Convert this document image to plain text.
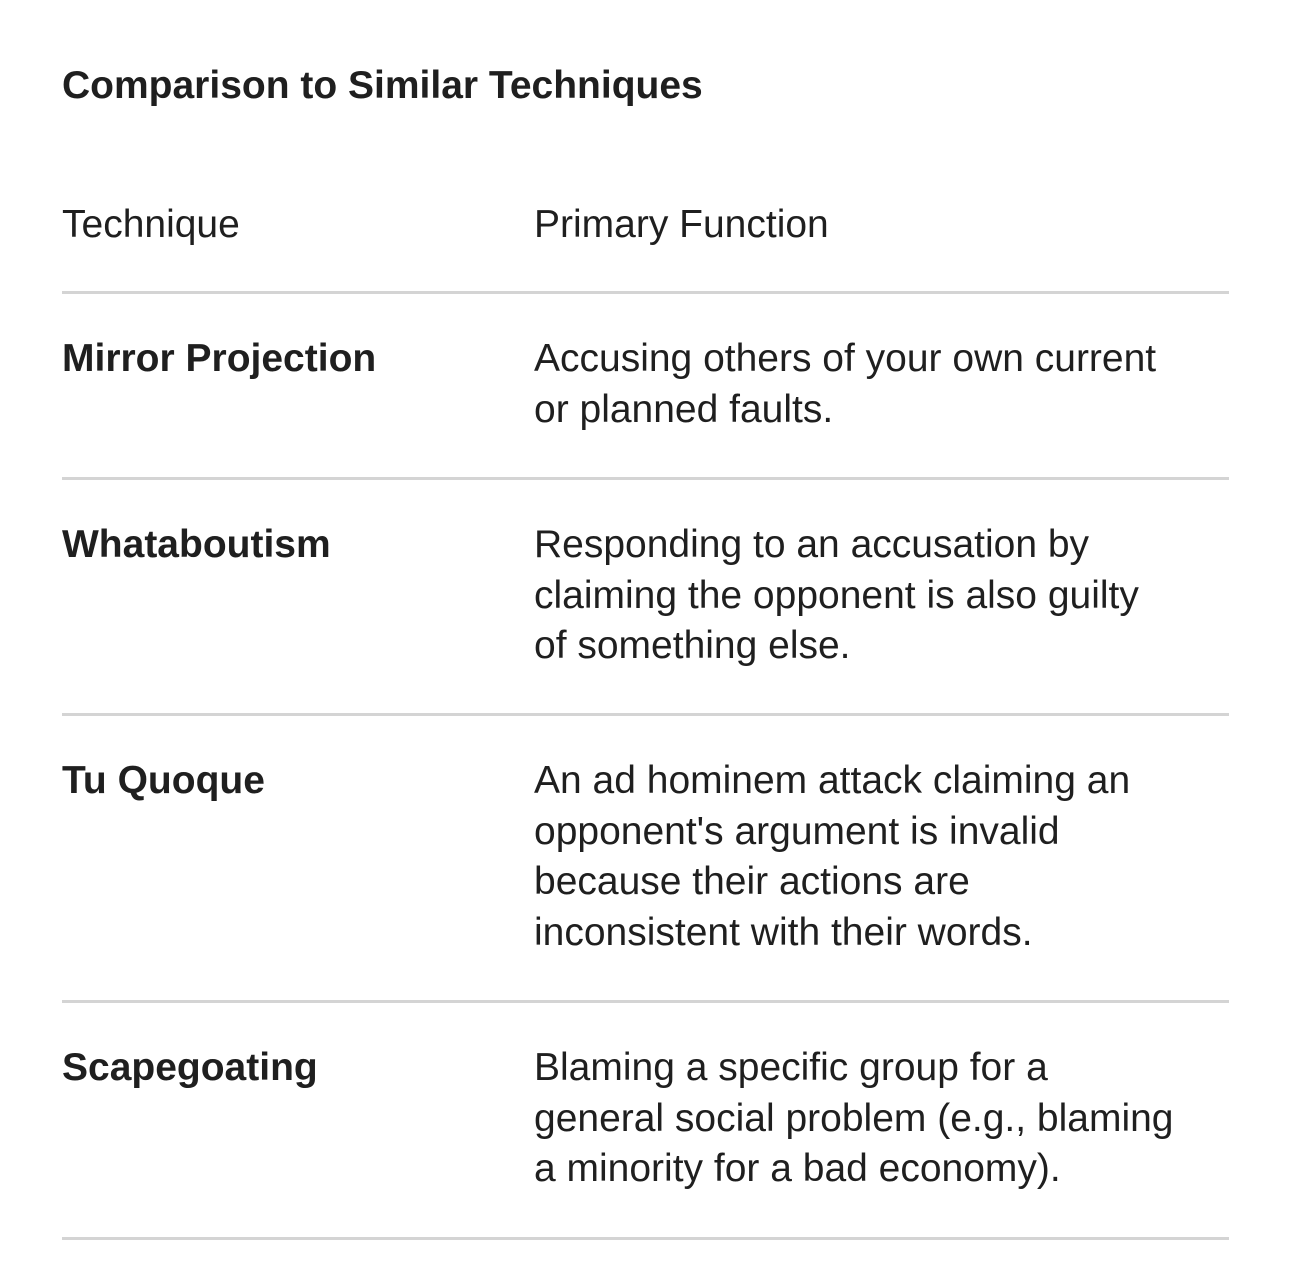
Comparison to Similar Techniques
Technique	Primary Function
Mirror Projection	Accusing others of your own current
or planned faults.
Whataboutism	Responding to an accusation by
claiming the opponent is also guilty
of something else.
Tu Quoque	An ad hominem attack claiming an
opponent's argument is invalid
because their actions are
inconsistent with their words.
Scapegoating	Blaming a specific group for a
general social problem (e.g., blaming
a minority for a bad economy).
